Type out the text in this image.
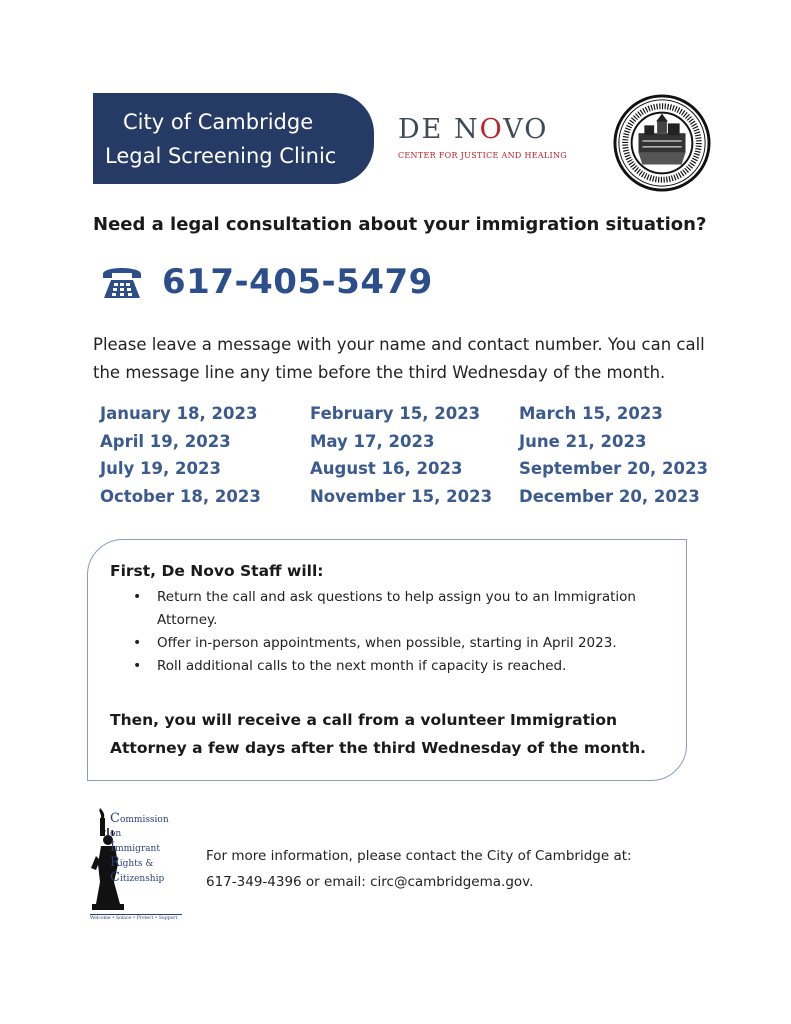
City of Cambridge
Legal Screening Clinic
DE NOVO
CENTER FOR JUSTICE AND HEALING
Need a legal consultation about your immigration situation?
617-405-5479
Please leave a message with your name and contact number. You can call the message line any time before the third Wednesday of the month.
January 18, 2023	February 15, 2023	March 15, 2023
April 19, 2023	May 17, 2023	June 21, 2023
July 19, 2023	August 16, 2023	September 20, 2023
October 18, 2023	November 15, 2023	December 20, 2023
First, De Novo Staff will:
• Return the call and ask questions to help assign you to an Immigration Attorney.
• Offer in-person appointments, when possible, starting in April 2023.
• Roll additional calls to the next month if capacity is reached.
Then, you will receive a call from a volunteer Immigration Attorney a few days after the third Wednesday of the month.
Commission on
Immigrant
Rights &
Citizenship
Welcome • Solace • Protect • Support
For more information, please contact the City of Cambridge at:
617-349-4396 or email: circ@cambridgema.gov.
